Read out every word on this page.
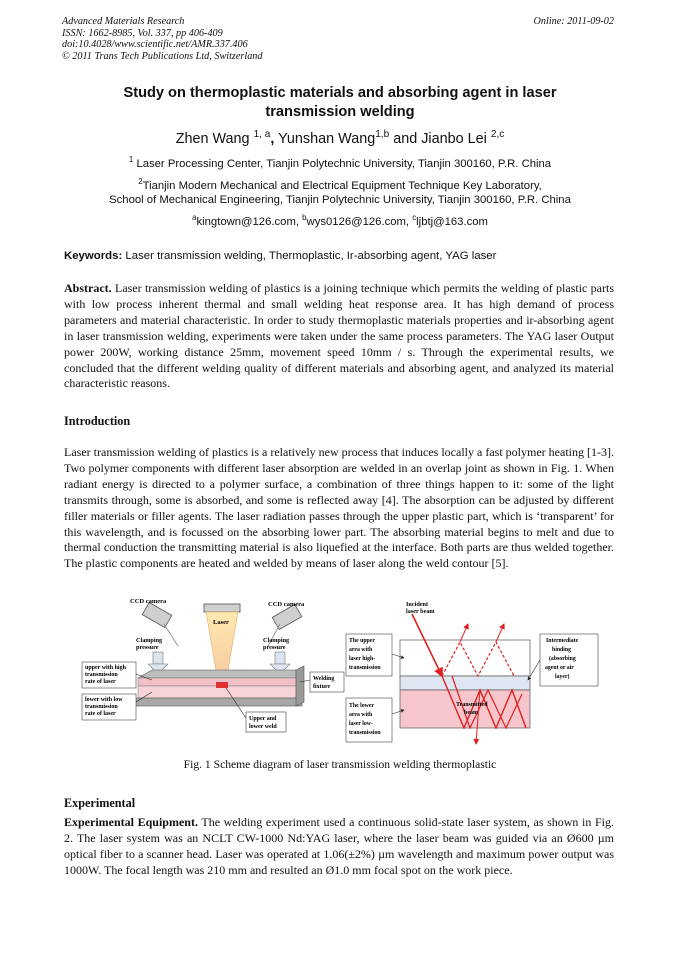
Advanced Materials Research
ISSN: 1662-8985, Vol. 337, pp 406-409
doi:10.4028/www.scientific.net/AMR.337.406
© 2011 Trans Tech Publications Ltd, Switzerland
Online: 2011-09-02
Study on thermoplastic materials and absorbing agent in laser
transmission welding
Zhen Wang $^{1, a}$, Yunshan Wang$^{1,b}$ and Jianbo Lei $^{2,c}$
$^1$ Laser Processing Center, Tianjin Polytechnic University, Tianjin 300160, P.R. China
$^2$Tianjin Modern Mechanical and Electrical Equipment Technique Key Laboratory,
School of Mechanical Engineering, Tianjin Polytechnic University, Tianjin 300160, P.R. China
$^a$kingtown@126.com, $^b$wys0126@126.com, $^c$ljbtj@163.com
Keywords: Laser transmission welding, Thermoplastic, Ir-absorbing agent, YAG laser
Abstract. Laser transmission welding of plastics is a joining technique which permits the welding of plastic parts with low process inherent thermal and small welding heat response area. It has high demand of process parameters and material characteristic. In order to study thermoplastic materials properties and ir-absorbing agent in laser transmission welding, experiments were taken under the same process parameters. The YAG laser Output power 200W, working distance 25mm, movement speed 10mm / s. Through the experimental results, we concluded that the different welding quality of different materials and absorbing agent, and analyzed its material characteristic reasons.
Introduction
Laser transmission welding of plastics is a relatively new process that induces locally a fast polymer heating [1-3]. Two polymer components with different laser absorption are welded in an overlap joint as shown in Fig. 1. When radiant energy is directed to a polymer surface, a combination of three things happen to it: some of the light transmits through, some is absorbed, and some is reflected away [4]. The absorption can be adjusted by different filler materials or filler agents. The laser radiation passes through the upper plastic part, which is ‘transparent’ for this wavelength, and is focussed on the absorbing lower part. The absorbing material begins to melt and due to thermal conduction the transmitting material is also liquefied at the interface. Both parts are thus welded together. The plastic components are heated and welded by means of laser along the weld contour [5].
CCD camera	CCD camera
Laser
Clamping
pressure
Clamping
pressure
upper with high
transmission
rate of laser
lower with low
transmission
rate of laser
Welding
fixture
Upper and
lower weld
Incident
laser beam
The upper
area with
laser high-
transmission
The lower
area with
laser low-
transmission
Intermediate
binding
(absorbing
agent or air
layer)
Transmitted
beam
Fig. 1 Scheme diagram of laser transmission welding thermoplastic
Experimental
Experimental Equipment. The welding experiment used a continuous solid-state laser system, as shown in Fig. 2. The laser system was an NCLT CW-1000 Nd:YAG laser, where the laser beam was guided via an Ø600 µm optical fiber to a scanner head. Laser was operated at 1.06(±2%) µm wavelength and maximum power output was 1000W. The focal length was 210 mm and resulted an Ø1.0 mm focal spot on the work piece.
